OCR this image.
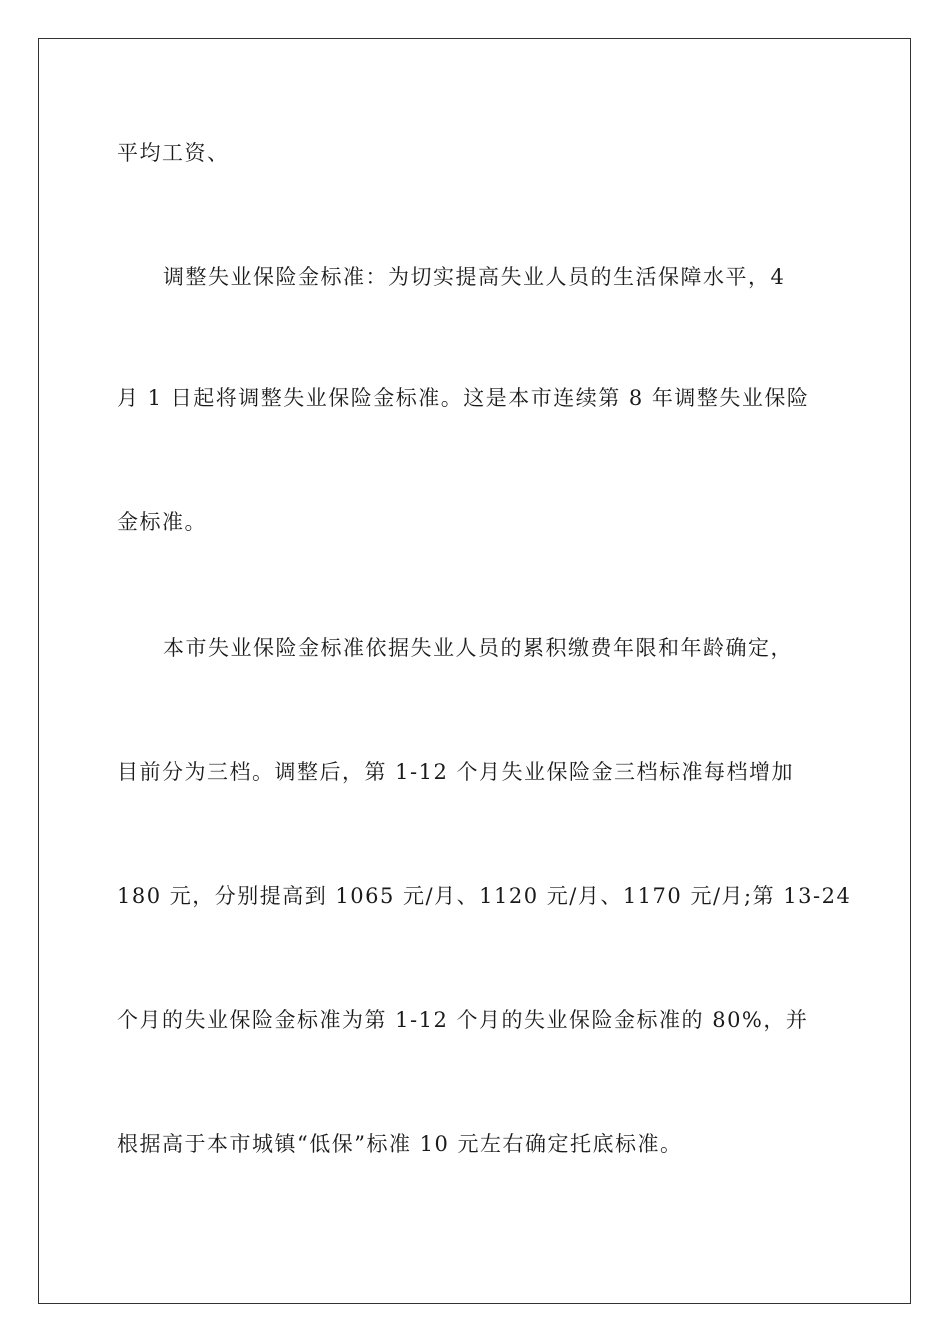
平均工资、
调整失业保险金标准：为切实提高失业人员的生活保障水平，4
月 1 日起将调整失业保险金标准。这是本市连续第 8 年调整失业保险
金标准。
本市失业保险金标准依据失业人员的累积缴费年限和年龄确定，
目前分为三档。调整后，第 1-12 个月失业保险金三档标准每档增加
180 元，分别提高到 1065 元/月、1120 元/月、1170 元/月;第 13-24
个月的失业保险金标准为第 1-12 个月的失业保险金标准的 80%，并
根据高于本市城镇“低保”标准 10 元左右确定托底标准。
